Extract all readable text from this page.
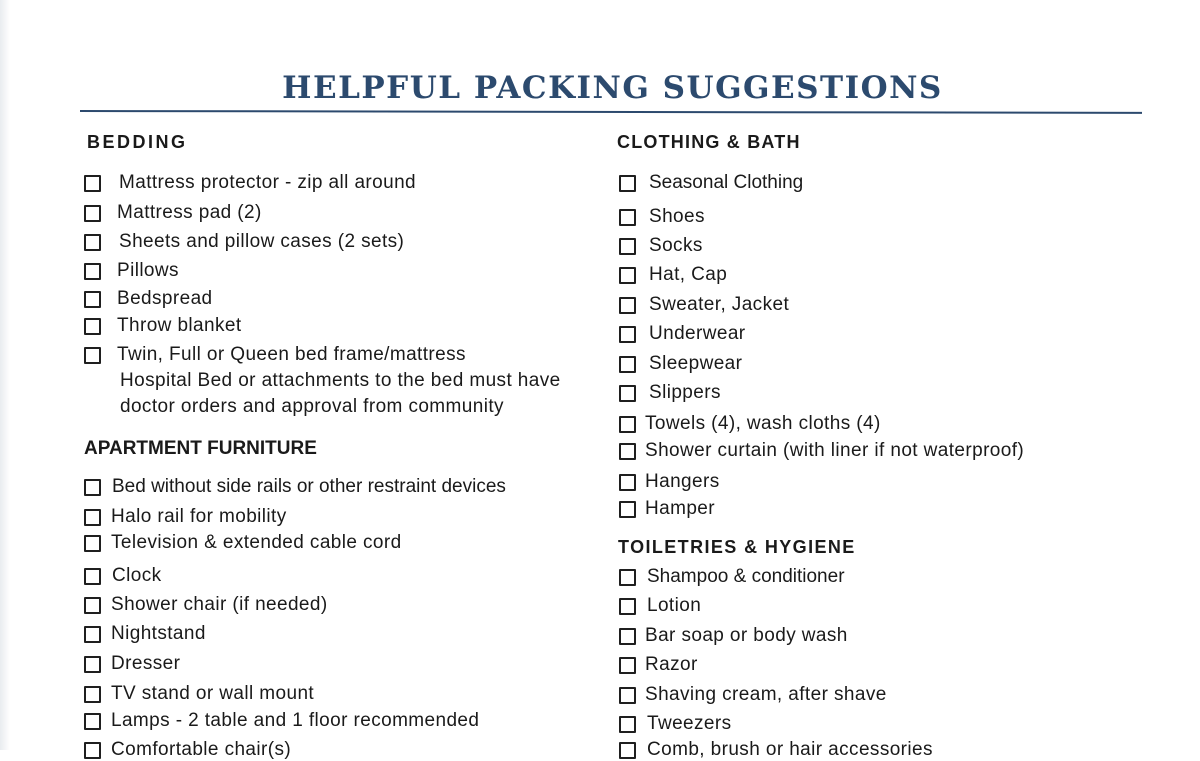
HELPFUL PACKING SUGGESTIONS
BEDDING
Mattress protector - zip all around
Mattress pad (2)
Sheets and pillow cases (2 sets)
Pillows
Bedspread
Throw blanket
Twin, Full or Queen bed frame/mattress
Hospital Bed or attachments to the bed must have
doctor orders and approval from community
APARTMENT FURNITURE
Bed without side rails or other restraint devices
Halo rail for mobility
Television & extended cable cord
Clock
Shower chair (if needed)
Nightstand
Dresser
TV stand or wall mount
Lamps - 2 table and 1 floor recommended
Comfortable chair(s)
CLOTHING & BATH
Seasonal Clothing
Shoes
Socks
Hat, Cap
Sweater, Jacket
Underwear
Sleepwear
Slippers
Towels (4), wash cloths (4)
Shower curtain (with liner if not waterproof)
Hangers
Hamper
TOILETRIES & HYGIENE
Shampoo & conditioner
Lotion
Bar soap or body wash
Razor
Shaving cream, after shave
Tweezers
Comb, brush or hair accessories
